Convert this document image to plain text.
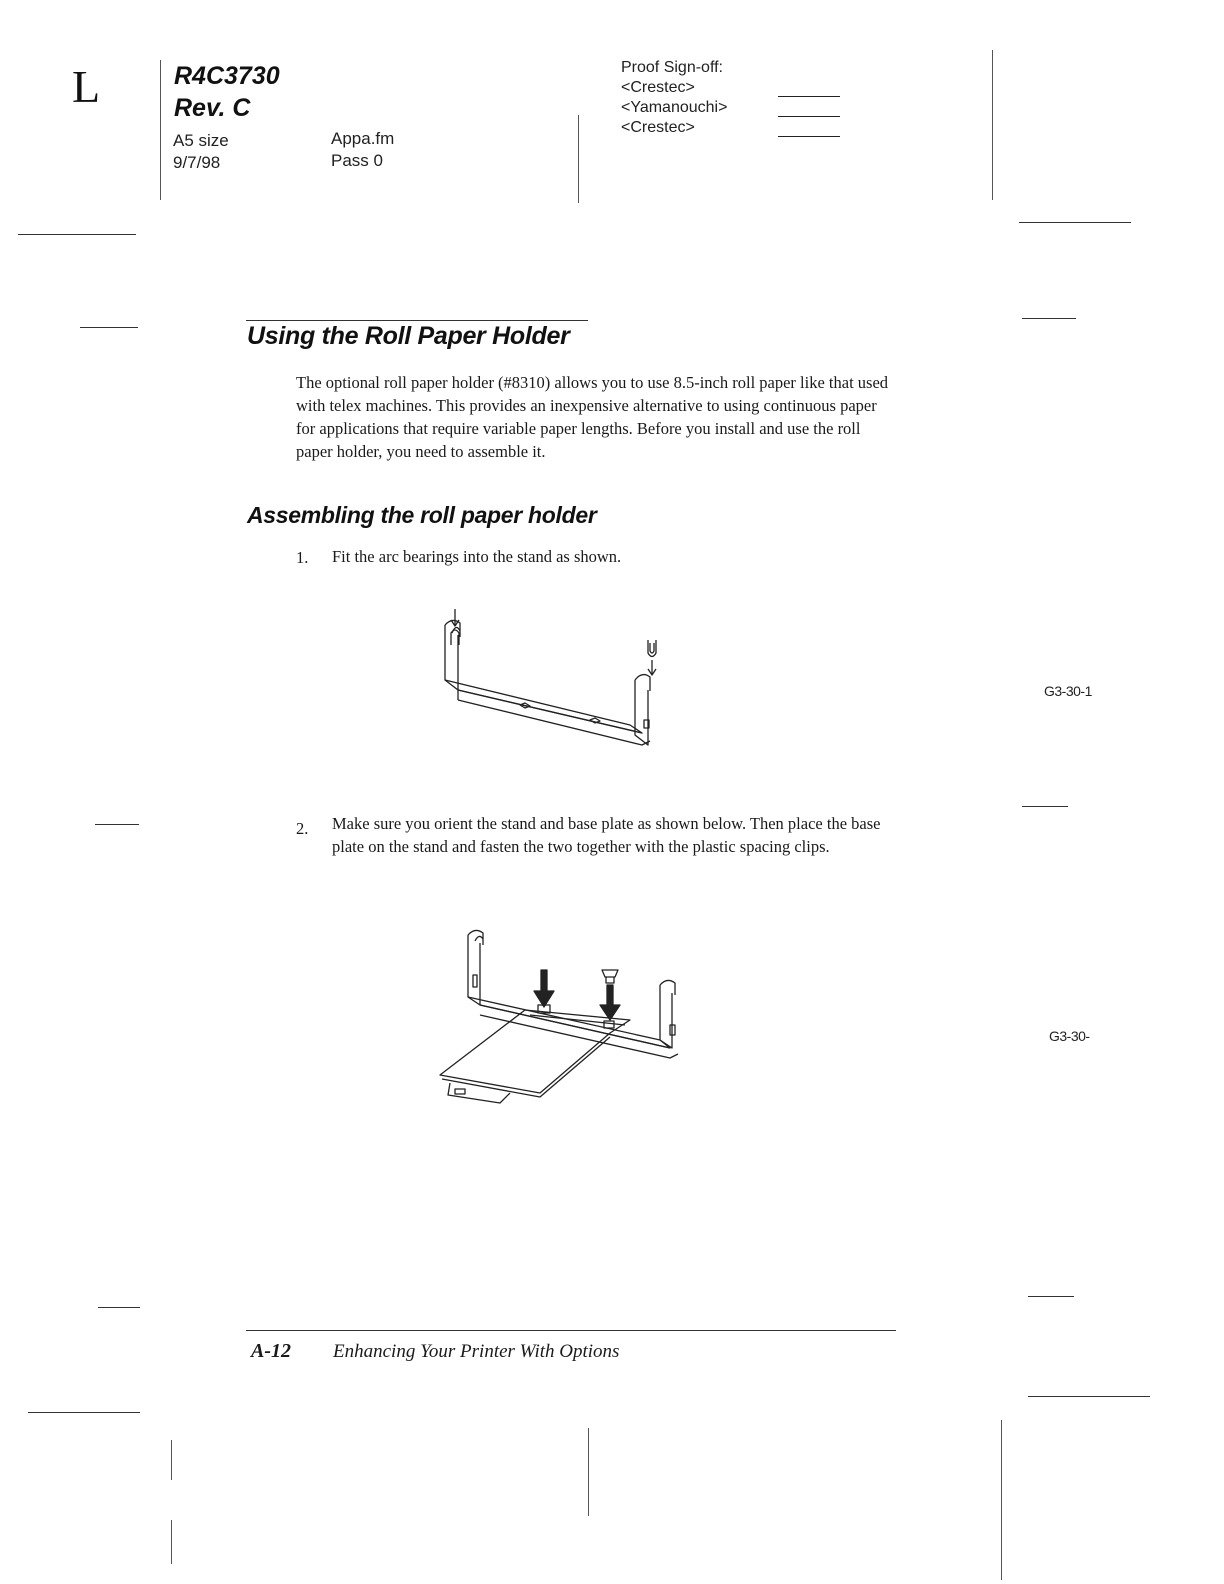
L	R4C3730
Rev. C
A5 size
9/7/98
Appa.fm
Pass 0
Proof Sign-off:
<Crestec>
<Yamanouchi>
<Crestec>
Using the Roll Paper Holder
The optional roll paper holder (#8310) allows you to use 8.5-inch roll paper like that used with telex machines. This provides an inexpensive alternative to using continuous paper for applications that require variable paper lengths. Before you install and use the roll paper holder, you need to assemble it.
Assembling the roll paper holder
1. Fit the arc bearings into the stand as shown.
G3-30-1
2. Make sure you orient the stand and base plate as shown below. Then place the base plate on the stand and fasten the two together with the plastic spacing clips.
G3-30-
A-12 Enhancing Your Printer With Options
